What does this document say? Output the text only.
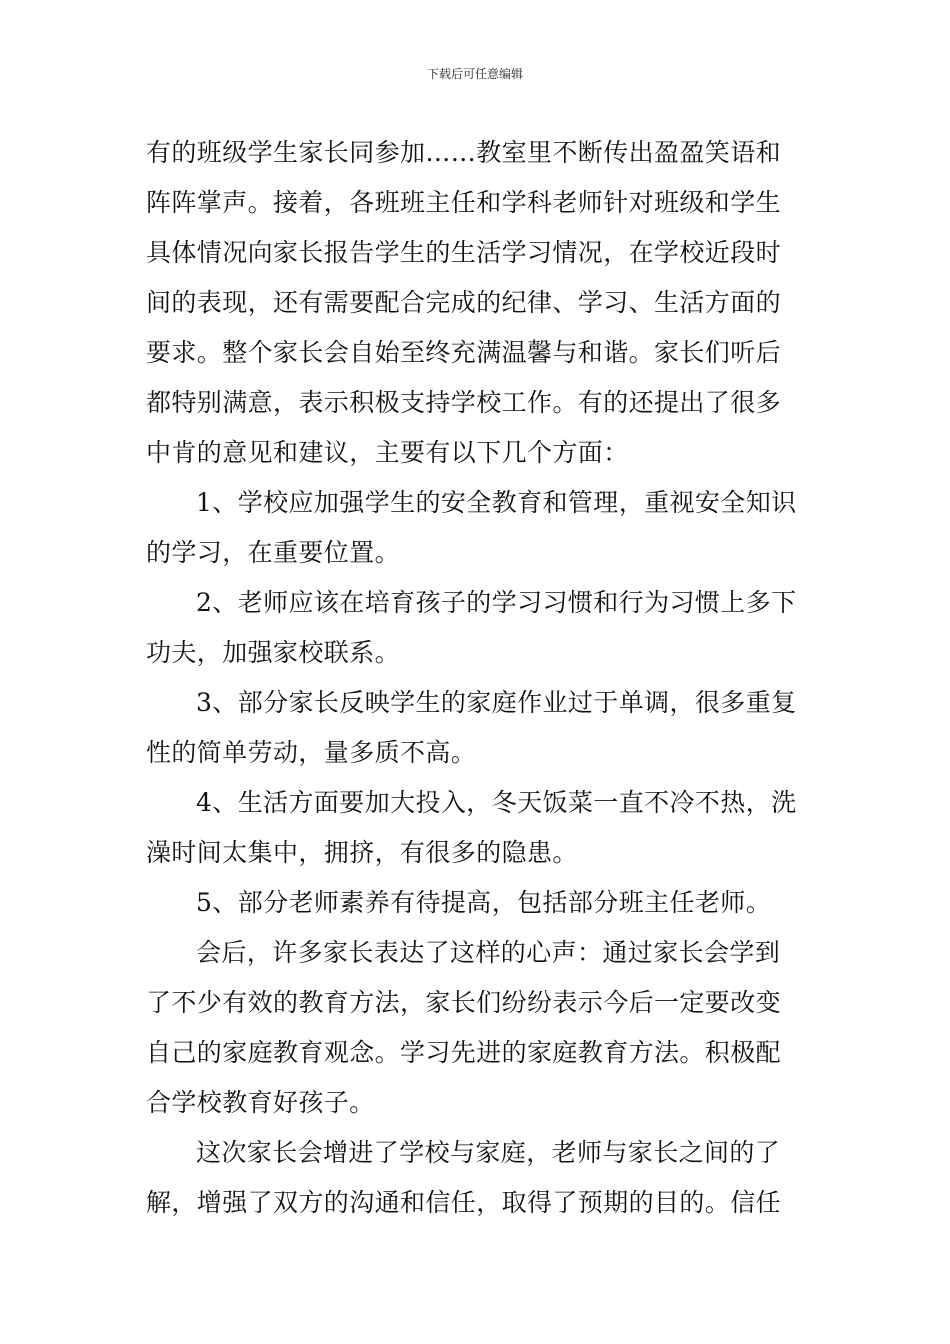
下载后可任意编辑
有的班级学生家长同参加……教室里不断传出盈盈笑语和
阵阵掌声。接着，各班班主任和学科老师针对班级和学生
具体情况向家长报告学生的生活学习情况，在学校近段时
间的表现，还有需要配合完成的纪律、学习、生活方面的
要求。整个家长会自始至终充满温馨与和谐。家长们听后
都特别满意，表示积极支持学校工作。有的还提出了很多
中肯的意见和建议，主要有以下几个方面：
1、学校应加强学生的安全教育和管理，重视安全知识
的学习，在重要位置。
2、老师应该在培育孩子的学习习惯和行为习惯上多下
功夫，加强家校联系。
3、部分家长反映学生的家庭作业过于单调，很多重复
性的简单劳动，量多质不高。
4、生活方面要加大投入，冬天饭菜一直不冷不热，洗
澡时间太集中，拥挤，有很多的隐患。
5、部分老师素养有待提高，包括部分班主任老师。
会后，许多家长表达了这样的心声：通过家长会学到
了不少有效的教育方法，家长们纷纷表示今后一定要改变
自己的家庭教育观念。学习先进的家庭教育方法。积极配
合学校教育好孩子。
这次家长会增进了学校与家庭，老师与家长之间的了
解，增强了双方的沟通和信任，取得了预期的目的。信任
